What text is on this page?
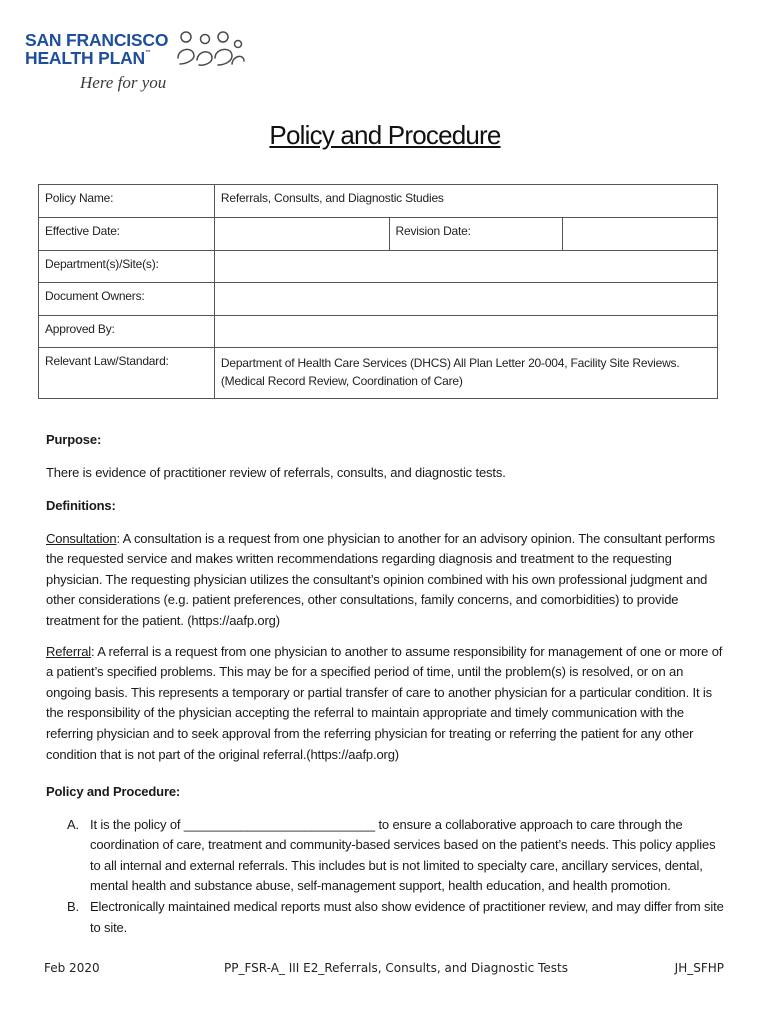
SAN FRANCISCO
HEALTH PLAN™
Here for you
Policy and Procedure
Policy Name:	Referrals, Consults, and Diagnostic Studies		
Effective Date:		Revision Date:	
Department(s)/Site(s):			
Document Owners:			
Approved By:			
Relevant Law/Standard:	Department of Health Care Services (DHCS) All Plan Letter 20-004, Facility Site Reviews.
(Medical Record Review, Coordination of Care)		

Purpose:

There is evidence of practitioner review of referrals, consults, and diagnostic tests.

Definitions:

Consultation: A consultation is a request from one physician to another for an advisory opinion. The consultant performs the requested service and makes written recommendations regarding diagnosis and treatment to the requesting physician. The requesting physician utilizes the consultant’s opinion combined with his own professional judgment and other considerations (e.g. patient preferences, other consultations, family concerns, and comorbidities) to provide treatment for the patient. (https://aafp.org)

Referral: A referral is a request from one physician to another to assume responsibility for management of one or more of a patient’s specified problems. This may be for a specified period of time, until the problem(s) is resolved, or on an ongoing basis. This represents a temporary or partial transfer of care to another physician for a particular condition. It is the responsibility of the physician accepting the referral to maintain appropriate and timely communication with the referring physician and to seek approval from the referring physician for treating or referring the patient for any other condition that is not part of the original referral.(https://aafp.org)

Policy and Procedure:

A. It is the policy of ___________________________ to ensure a collaborative approach to care through the coordination of care, treatment and community-based services based on the patient’s needs. This policy applies to all internal and external referrals. This includes but is not limited to specialty care, ancillary services, dental, mental health and substance abuse, self-management support, health education, and health promotion.
B. Electronically maintained medical reports must also show evidence of practitioner review, and may differ from site to site.
Feb 2020	PP_FSR-A_ III E2_Referrals, Consults, and Diagnostic Tests	JH_SFHP
